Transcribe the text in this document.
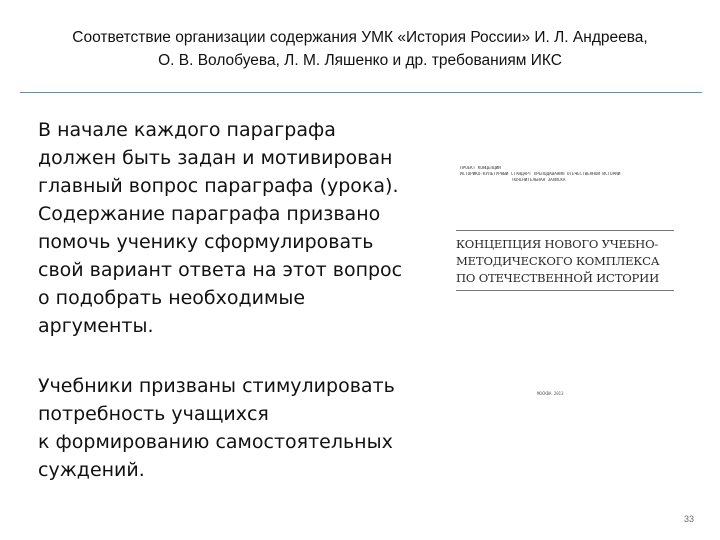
Соответствие организации содержания УМК «История России» И. Л. Андреева,
О. В. Волобуева, Л. М. Ляшенко и др. требованиям ИКС

В начале каждого параграфа

должен быть задан и мотивирован

главный вопрос параграфа (урока).

Содержание параграфа призвано

помочь ученику сформулировать

свой вариант ответа на этот вопрос

о подобрать необходимые

аргументы.

Учебники призваны стимулировать

потребность учащихся

к формированию самостоятельных

суждений.

ПРОЕКТ КОНЦЕПЦИИ
ИСТОРИКО-КУЛЬТУРНЫЙ СТАНДАРТ ПРЕПОДАВАНИЯ ОТЕЧЕСТВЕННОЙ ИСТОРИИ
ПОЯСНИТЕЛЬНАЯ ЗАПИСКА
КОНЦЕПЦИЯ НОВОГО УЧЕБНО-
МЕТОДИЧЕСКОГО КОМПЛЕКСА
ПО ОТЕЧЕСТВЕННОЙ ИСТОРИИ
МОСКВА 2013
33
